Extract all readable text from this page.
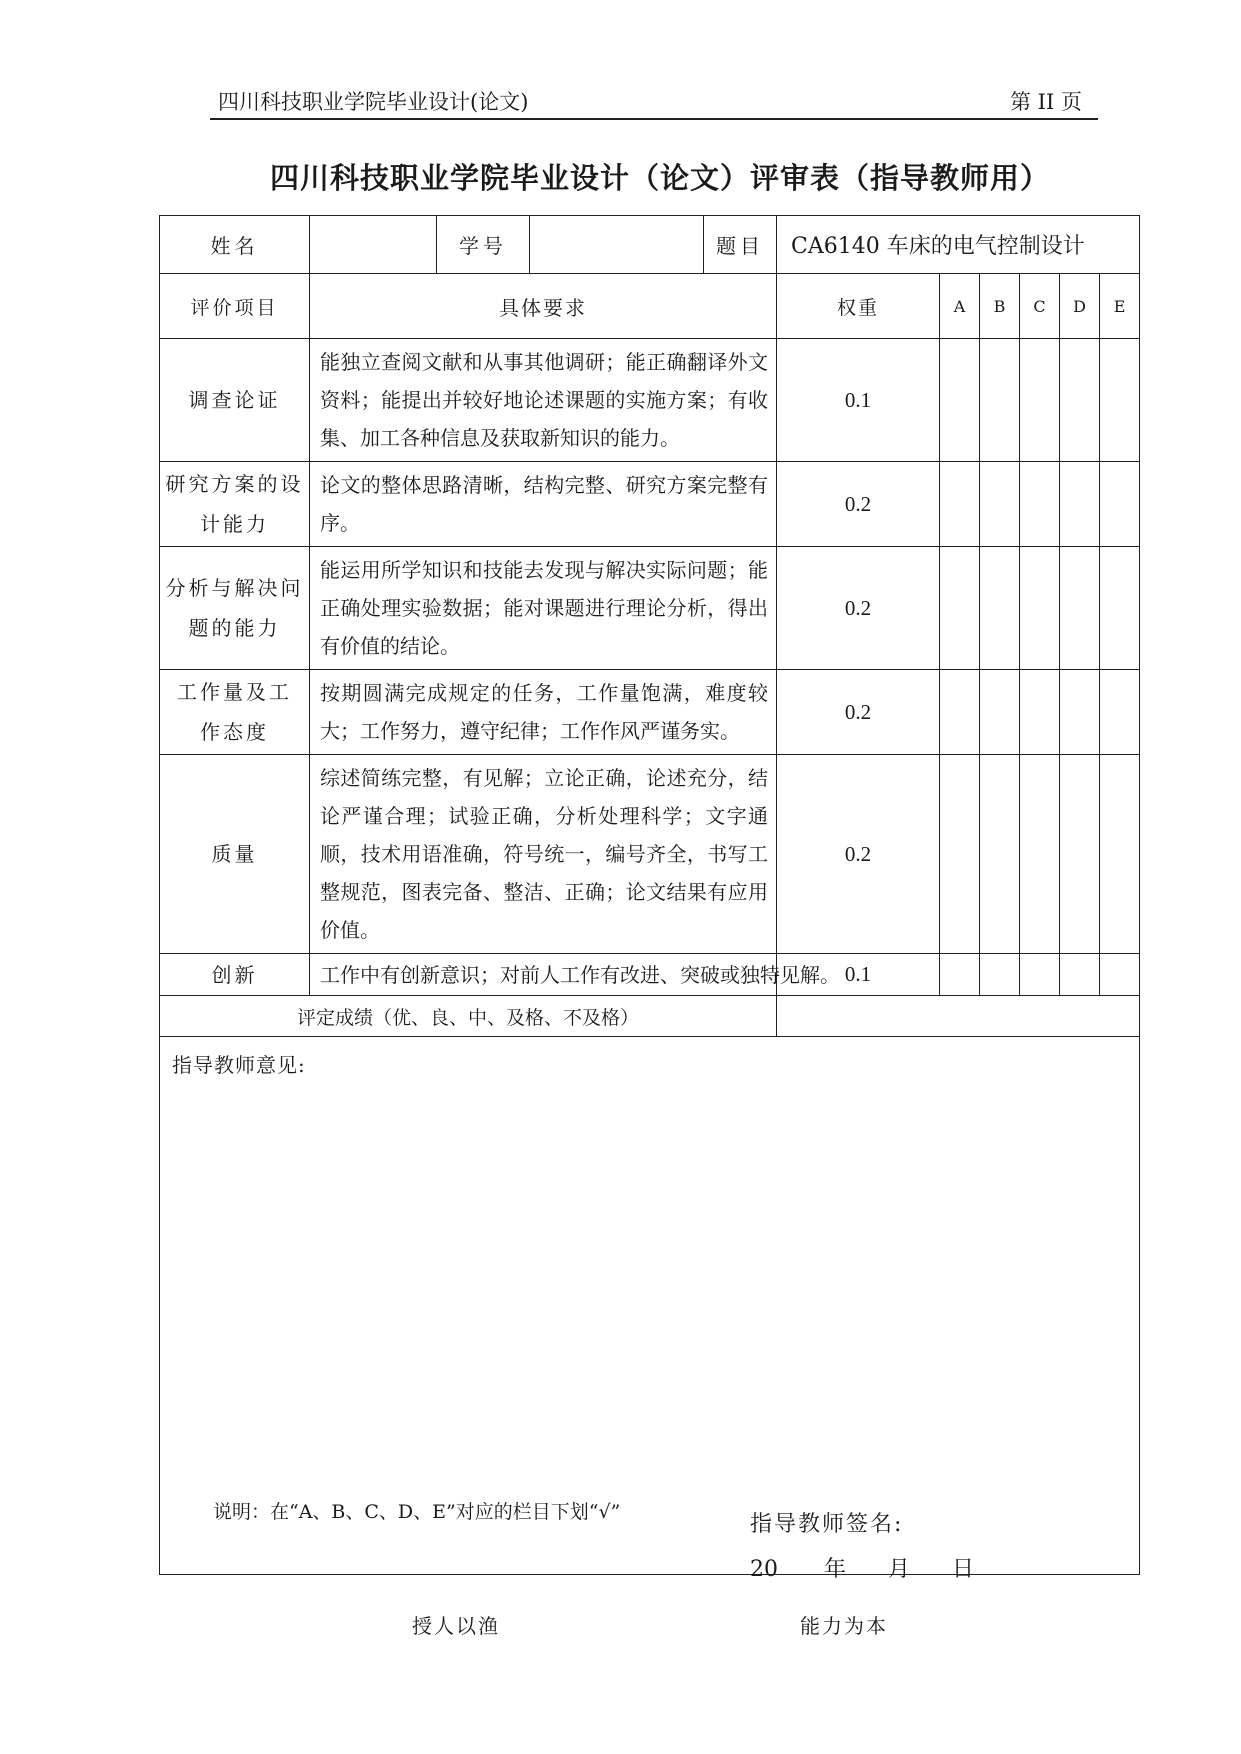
四川科技职业学院毕业设计(论文)	第 II 页
四川科技职业学院毕业设计（论文）评审表（指导教师用）
姓名		学号		题目	CA6140 车床的电气控制设计					
评价项目	具体要求				权重	A	B	C	D	E
调查论证	能独立查阅文献和从事其他调研；能正确翻译外文资料；能提出并较好地论述课题的实施方案；有收集、加工各种信息及获取新知识的能力。				0.1					
研究方案的设计能力	论文的整体思路清晰，结构完整、研究方案完整有序。				0.2					
分析与解决问题的能力	能运用所学知识和技能去发现与解决实际问题；能正确处理实验数据；能对课题进行理论分析，得出有价值的结论。				0.2					
工作量及工作态度	按期圆满完成规定的任务，工作量饱满，难度较大；工作努力，遵守纪律；工作作风严谨务实。				0.2					
质量	综述简练完整，有见解；立论正确，论述充分，结论严谨合理；试验正确，分析处理科学；文字通顺，技术用语准确，符号统一，编号齐全，书写工整规范，图表完备、整洁、正确；论文结果有应用价值。				0.2					
创新	工作中有创新意识；对前人工作有改进、突破或独特见解。				0.1					
评定成绩（优、良、中、及格、不及格）										

指导教师意见:
指导教师签名:
20 年 月 日										
说明：在“A、B、C、D、E”对应的栏目下划“√”
授人以渔	能力为本
